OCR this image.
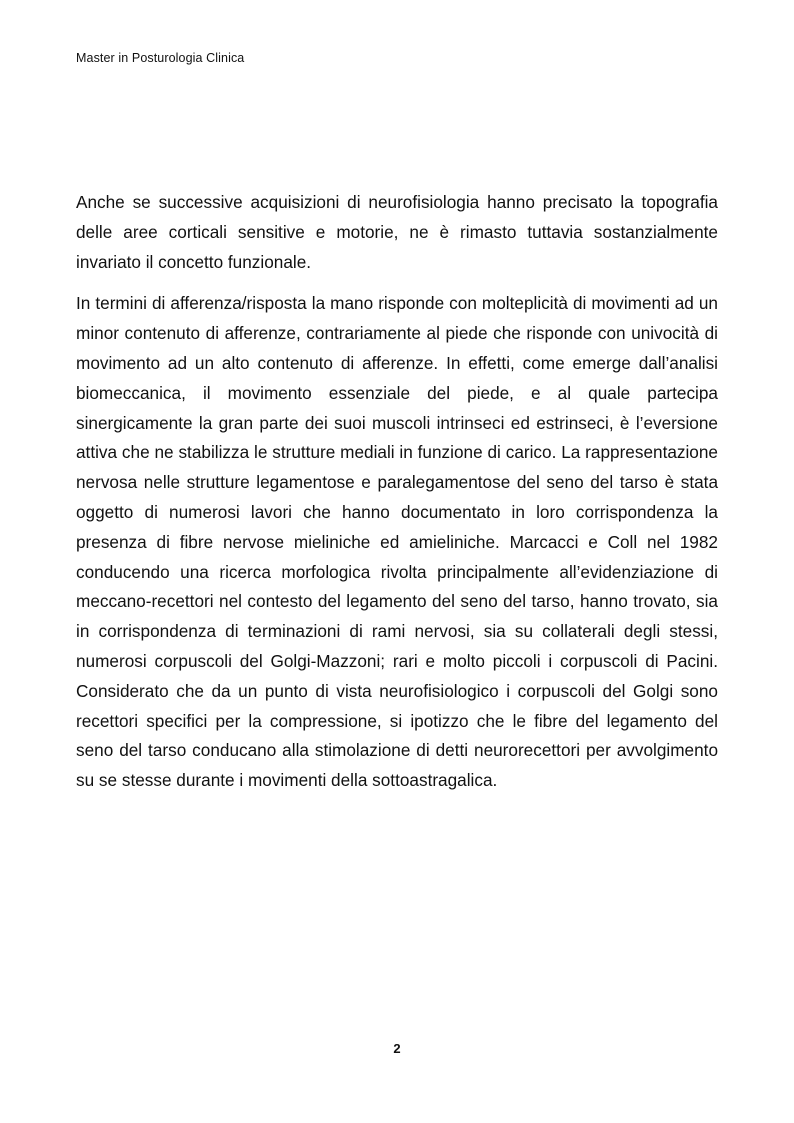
Master in Posturologia Clinica

Anche se successive acquisizioni di neurofisiologia hanno precisato la topografia delle aree corticali sensitive e motorie, ne è rimasto tuttavia sostanzialmente invariato il concetto funzionale.

In termini di afferenza/risposta la mano risponde con molteplicità di movimenti ad un minor contenuto di afferenze, contrariamente al piede che risponde con univocità di movimento ad un alto contenuto di afferenze. In effetti, come emerge dall’analisi biomeccanica, il movimento essenziale del piede, e al quale partecipa sinergicamente la gran parte dei suoi muscoli intrinseci ed estrinseci, è l’eversione attiva che ne stabilizza le strutture mediali in funzione di carico. La rappresentazione nervosa nelle strutture legamentose e paralegamentose del seno del tarso è stata oggetto di numerosi lavori che hanno documentato in loro corrispondenza la presenza di fibre nervose mieliniche ed amieliniche. Marcacci e Coll nel 1982 conducendo una ricerca morfologica rivolta principalmente all’evidenziazione di meccano-recettori nel contesto del legamento del seno del tarso, hanno trovato, sia in corrispondenza di terminazioni di rami nervosi, sia su collaterali degli stessi, numerosi corpuscoli del Golgi-Mazzoni; rari e molto piccoli i corpuscoli di Pacini. Considerato che da un punto di vista neurofisiologico i corpuscoli del Golgi sono recettori specifici per la compressione, si ipotizzo che le fibre del legamento del seno del tarso conducano alla stimolazione di detti neurorecettori per avvolgimento su se stesse durante i movimenti della sottoastragalica.

2
